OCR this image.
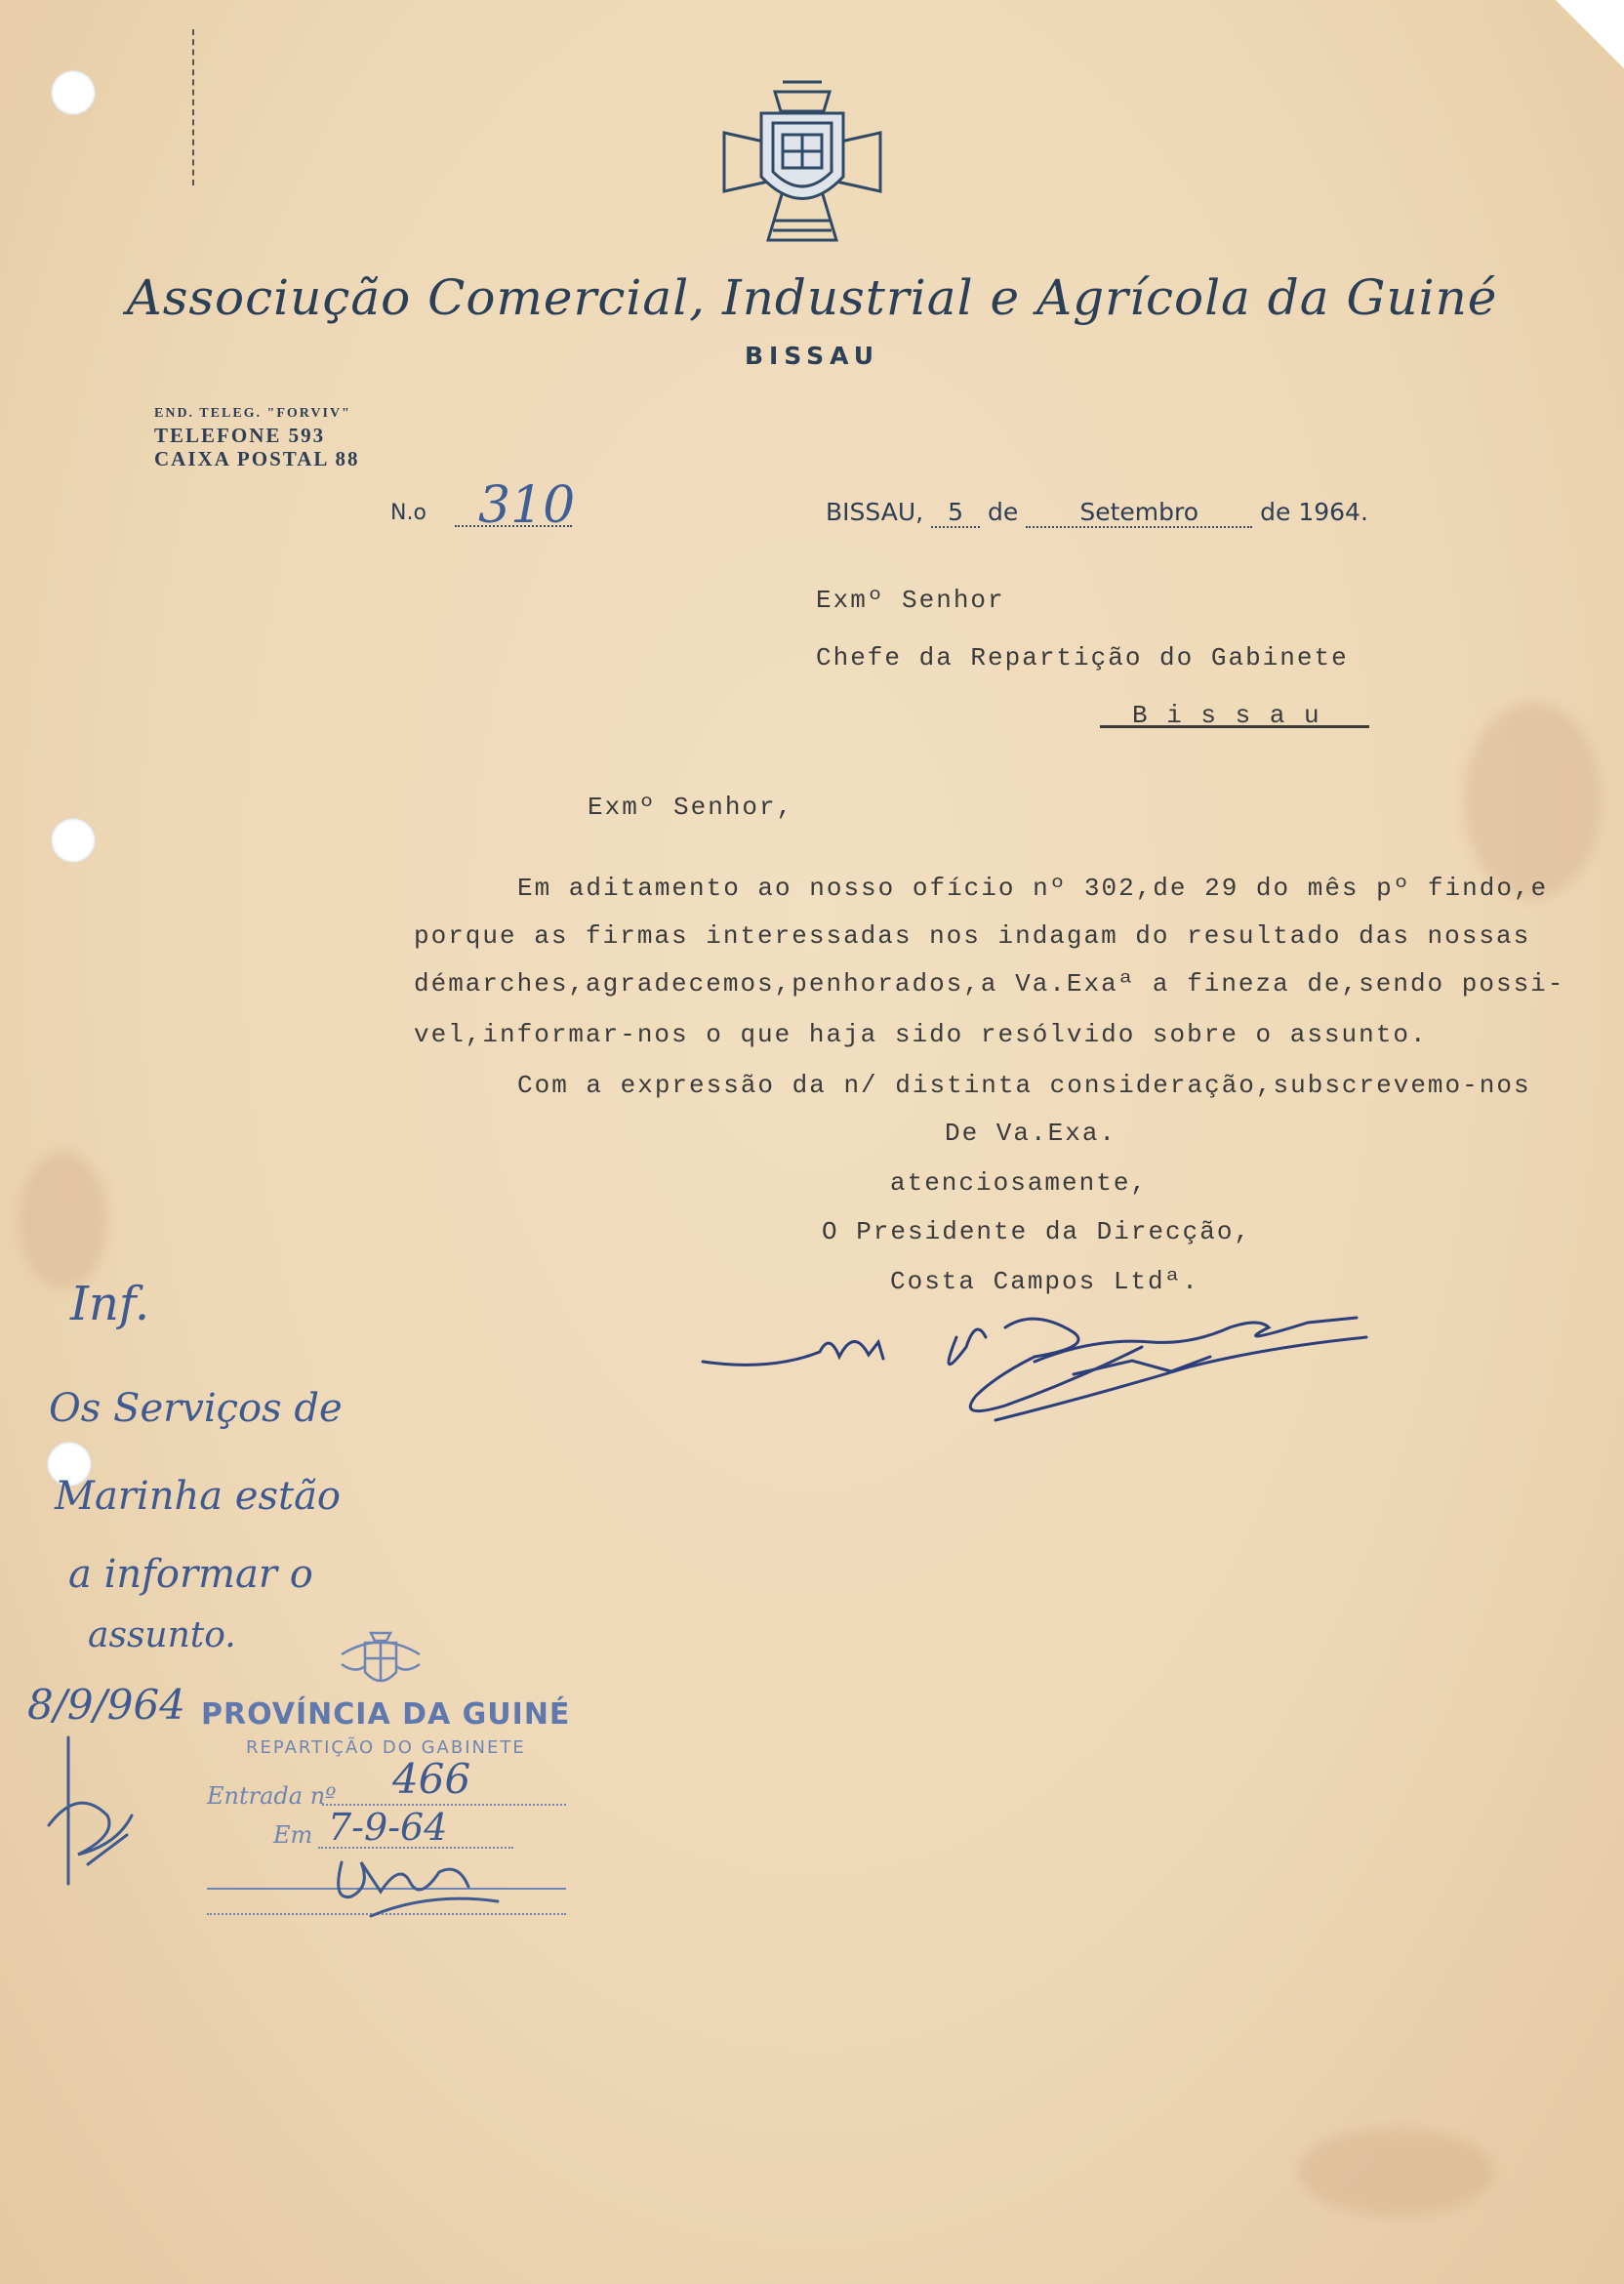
Associução Comercial, Industrial e Agrícola da Guiné
BISSAU
END. TELEG. "FORVIV"
TELEFONE 593
CAIXA POSTAL 88
N.o 310	BISSAU, 5 de	Setembro	de 1964.
Exmº Senhor
Chefe da Repartição do Gabinete
B i s s a u
Exmº Senhor,
Em aditamento ao nosso ofício nº 302,de 29 do mês pº findo,e
porque as firmas interessadas nos indagam do resultado das nossas
démarches,agradecemos,penhorados,a Va.Exaª a fineza de,sendo possi-
vel,informar-nos o que haja sido resólvido sobre o assunto.
Com a expressão da n/ distinta consideração,subscrevemo-nos
De Va.Exa.
atenciosamente,
O Presidente da Direcção,
Costa Campos Ltdª.
Inf.
Os Serviços de
Marinha estão
a informar o
assunto.
8/9/964 PROVÍNCIA DA GUINÉ
REPARTIÇÃO DO GABINETE
Entrada nº 466
Em 7-9-64
